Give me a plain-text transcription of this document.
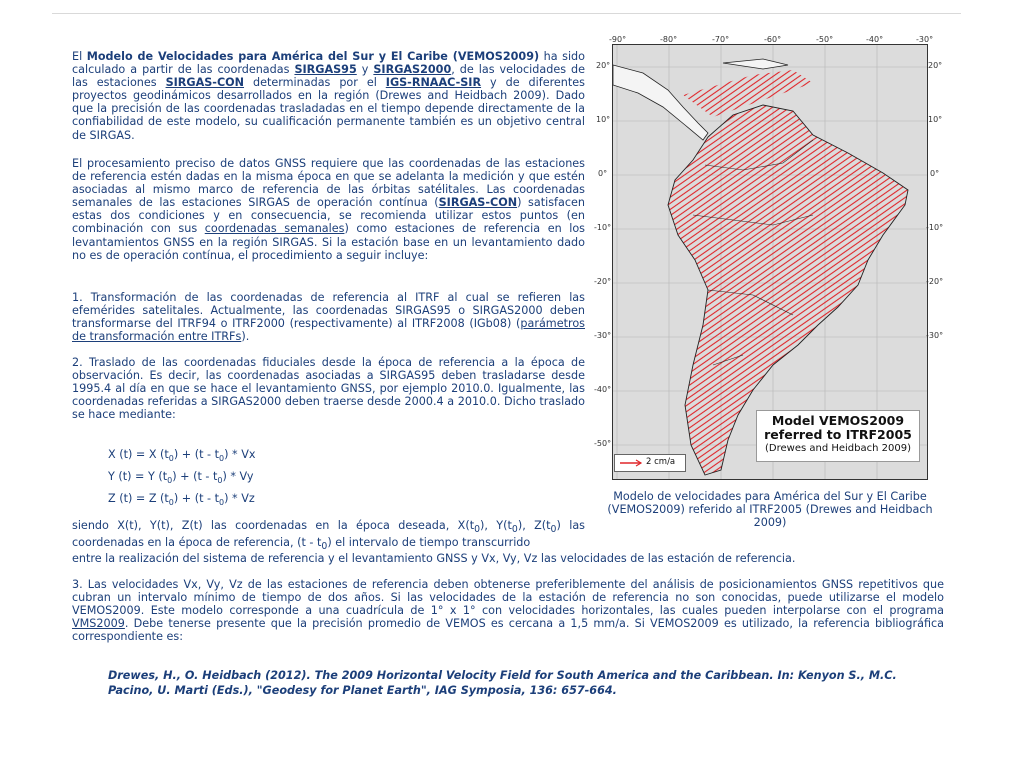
El Modelo de Velocidades para América del Sur y El Caribe (VEMOS2009) ha sido calculado a partir de las coordenadas SIRGAS95 y SIRGAS2000, de las velocidades de las estaciones SIRGAS-CON determinadas por el IGS-RNAAC-SIR y de diferentes proyectos geodinámicos desarrollados en la región (Drewes and Heidbach 2009). Dado que la precisión de las coordenadas trasladadas en el tiempo depende directamente de la confiabilidad de este modelo, su cualificación permanente también es un objetivo central de SIRGAS.

El procesamiento preciso de datos GNSS requiere que las coordenadas de las estaciones de referencia estén dadas en la misma época en que se adelanta la medición y que estén asociadas al mismo marco de referencia de las órbitas satélitales. Las coordenadas semanales de las estaciones SIRGAS de operación contínua (SIRGAS-CON) satisfacen estas dos condiciones y en consecuencia, se recomienda utilizar estos puntos (en combinación con sus coordenadas semanales) como estaciones de referencia en los levantamientos GNSS en la región SIRGAS. Si la estación base en un levantamiento dado no es de operación contínua, el procedimiento a seguir incluye:

1. Transformación de las coordenadas de referencia al ITRF al cual se refieren las efemérides satelitales. Actualmente, las coordenadas SIRGAS95 o SIRGAS2000 deben transformarse del ITRF94 o ITRF2000 (respectivamente) al ITRF2008 (IGb08) (parámetros de transformación entre ITRFs).

2. Traslado de las coordenadas fiduciales desde la época de referencia a la época de observación. Es decir, las coordenadas asociadas a SIRGAS95 deben trasladarse desde 1995.4 al día en que se hace el levantamiento GNSS, por ejemplo 2010.0. Igualmente, las coordenadas referidas a SIRGAS2000 deben traerse desde 2000.4 a 2010.0. Dicho traslado se hace mediante:

X (t) = X $(t_0) + (t - t_0) * Vx$
Y (t) = Y $(t_0) + (t - t_0) * Vy$
Z (t) = Z $(t_0) + (t - t_0) * Vz$

siendo X(t), Y(t), Z(t) las coordenadas en la época deseada, $X(t_0)$, $Y(t_0)$, $Z(t_0)$ las coordenadas en la época de referencia, $(t - t_0)$ el intervalo de tiempo transcurrido

entre la realización del sistema de referencia y el levantamiento GNSS y Vx, Vy, Vz las velocidades de las estación de referencia.

3. Las velocidades Vx, Vy, Vz de las estaciones de referencia deben obtenerse preferiblemente del análisis de posicionamientos GNSS repetitivos que cubran un intervalo mínimo de tiempo de dos años. Si las velocidades de la estación de referencia no son conocidas, puede utilizarse el modelo VEMOS2009. Este modelo corresponde a una cuadrícula de 1° x 1° con velocidades horizontales, las cuales pueden interpolarse con el programa VMS2009. Debe tenerse presente que la precisión promedio de VEMOS es cercana a 1,5 mm/a. Si VEMOS2009 es utilizado, la referencia bibliográfica correspondiente es:

Drewes, H., O. Heidbach (2012). The 2009 Horizontal Velocity Field for South America and the Caribbean. In: Kenyon S., M.C. Pacino, U. Marti (Eds.), "Geodesy for Planet Earth", IAG Symposia, 136: 657-664.
-90°	-80°	-70°	-60°	-50°	-40°	-30°
20°
10°
0°
-10°
-20°
-30°
-40°
-50°
20°
10°
0°
-10°
-20°
-30°
Model VEMOS2009
referred to ITRF2005
(Drewes and Heidbach 2009)
2 cm/a
Modelo de velocidades para América del Sur y El Caribe (VEMOS2009) referido al ITRF2005 (Drewes and Heidbach 2009)
